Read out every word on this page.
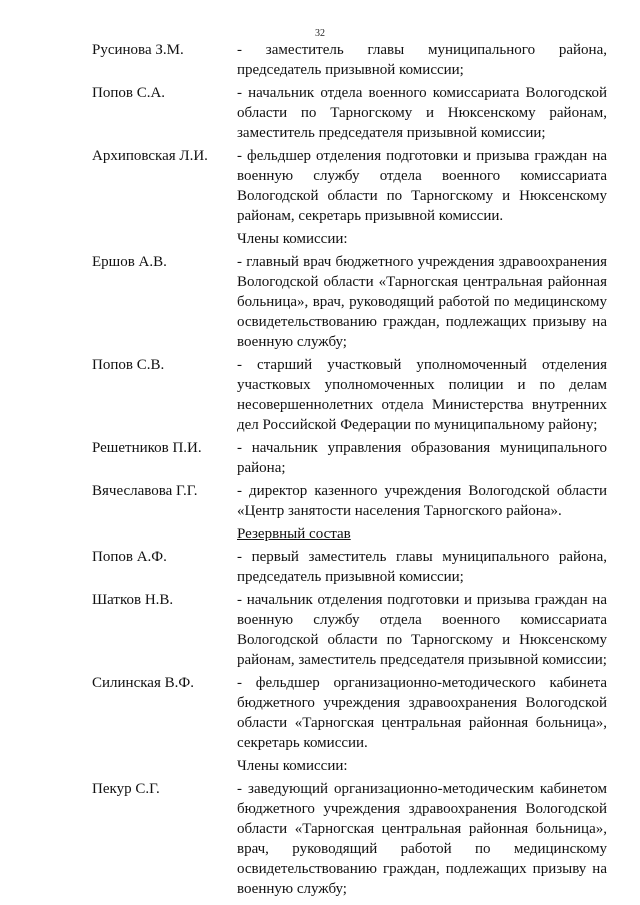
32
Русинова З.М.	- заместитель главы муниципального района, председатель призывной комиссии;
Попов С.А.	- начальник отдела военного комиссариата Вологодской области по Тарногскому и Нюксенскому районам, заместитель председателя призывной комиссии;
Архиповская Л.И.	- фельдшер отделения подготовки и призыва граждан на военную службу отдела военного комиссариата Вологодской области по Тарногскому и Нюксенскому районам, секретарь призывной комиссии.
Члены комиссии:
Ершов А.В.	- главный врач бюджетного учреждения здравоохранения Вологодской области «Тарногская центральная районная больница», врач, руководящий работой по медицинскому освидетельствованию граждан, подлежащих призыву на военную службу;
Попов С.В.	- старший участковый уполномоченный отделения участковых уполномоченных полиции и по делам несовершеннолетних отдела Министерства внутренних дел Российской Федерации по муниципальному району;
Решетников П.И.	- начальник управления образования муниципального района;
Вячеславова Г.Г.	- директор казенного учреждения Вологодской области «Центр занятости населения Тарногского района».
Резервный состав
Попов А.Ф.	- первый заместитель главы муниципального района, председатель призывной комиссии;
Шатков Н.В.	- начальник отделения подготовки и призыва граждан на военную службу отдела военного комиссариата Вологодской области по Тарногскому и Нюксенскому районам, заместитель председателя призывной комиссии;
Силинская В.Ф.	- фельдшер организационно-методического кабинета бюджетного учреждения здравоохранения Вологодской области «Тарногская центральная районная больница», секретарь комиссии.
Члены комиссии:
Пекур С.Г.	- заведующий организационно-методическим кабинетом бюджетного учреждения здравоохранения Вологодской области «Тарногская центральная районная больница», врач, руководящий работой по медицинскому освидетельствованию граждан, подлежащих призыву на военную службу;
